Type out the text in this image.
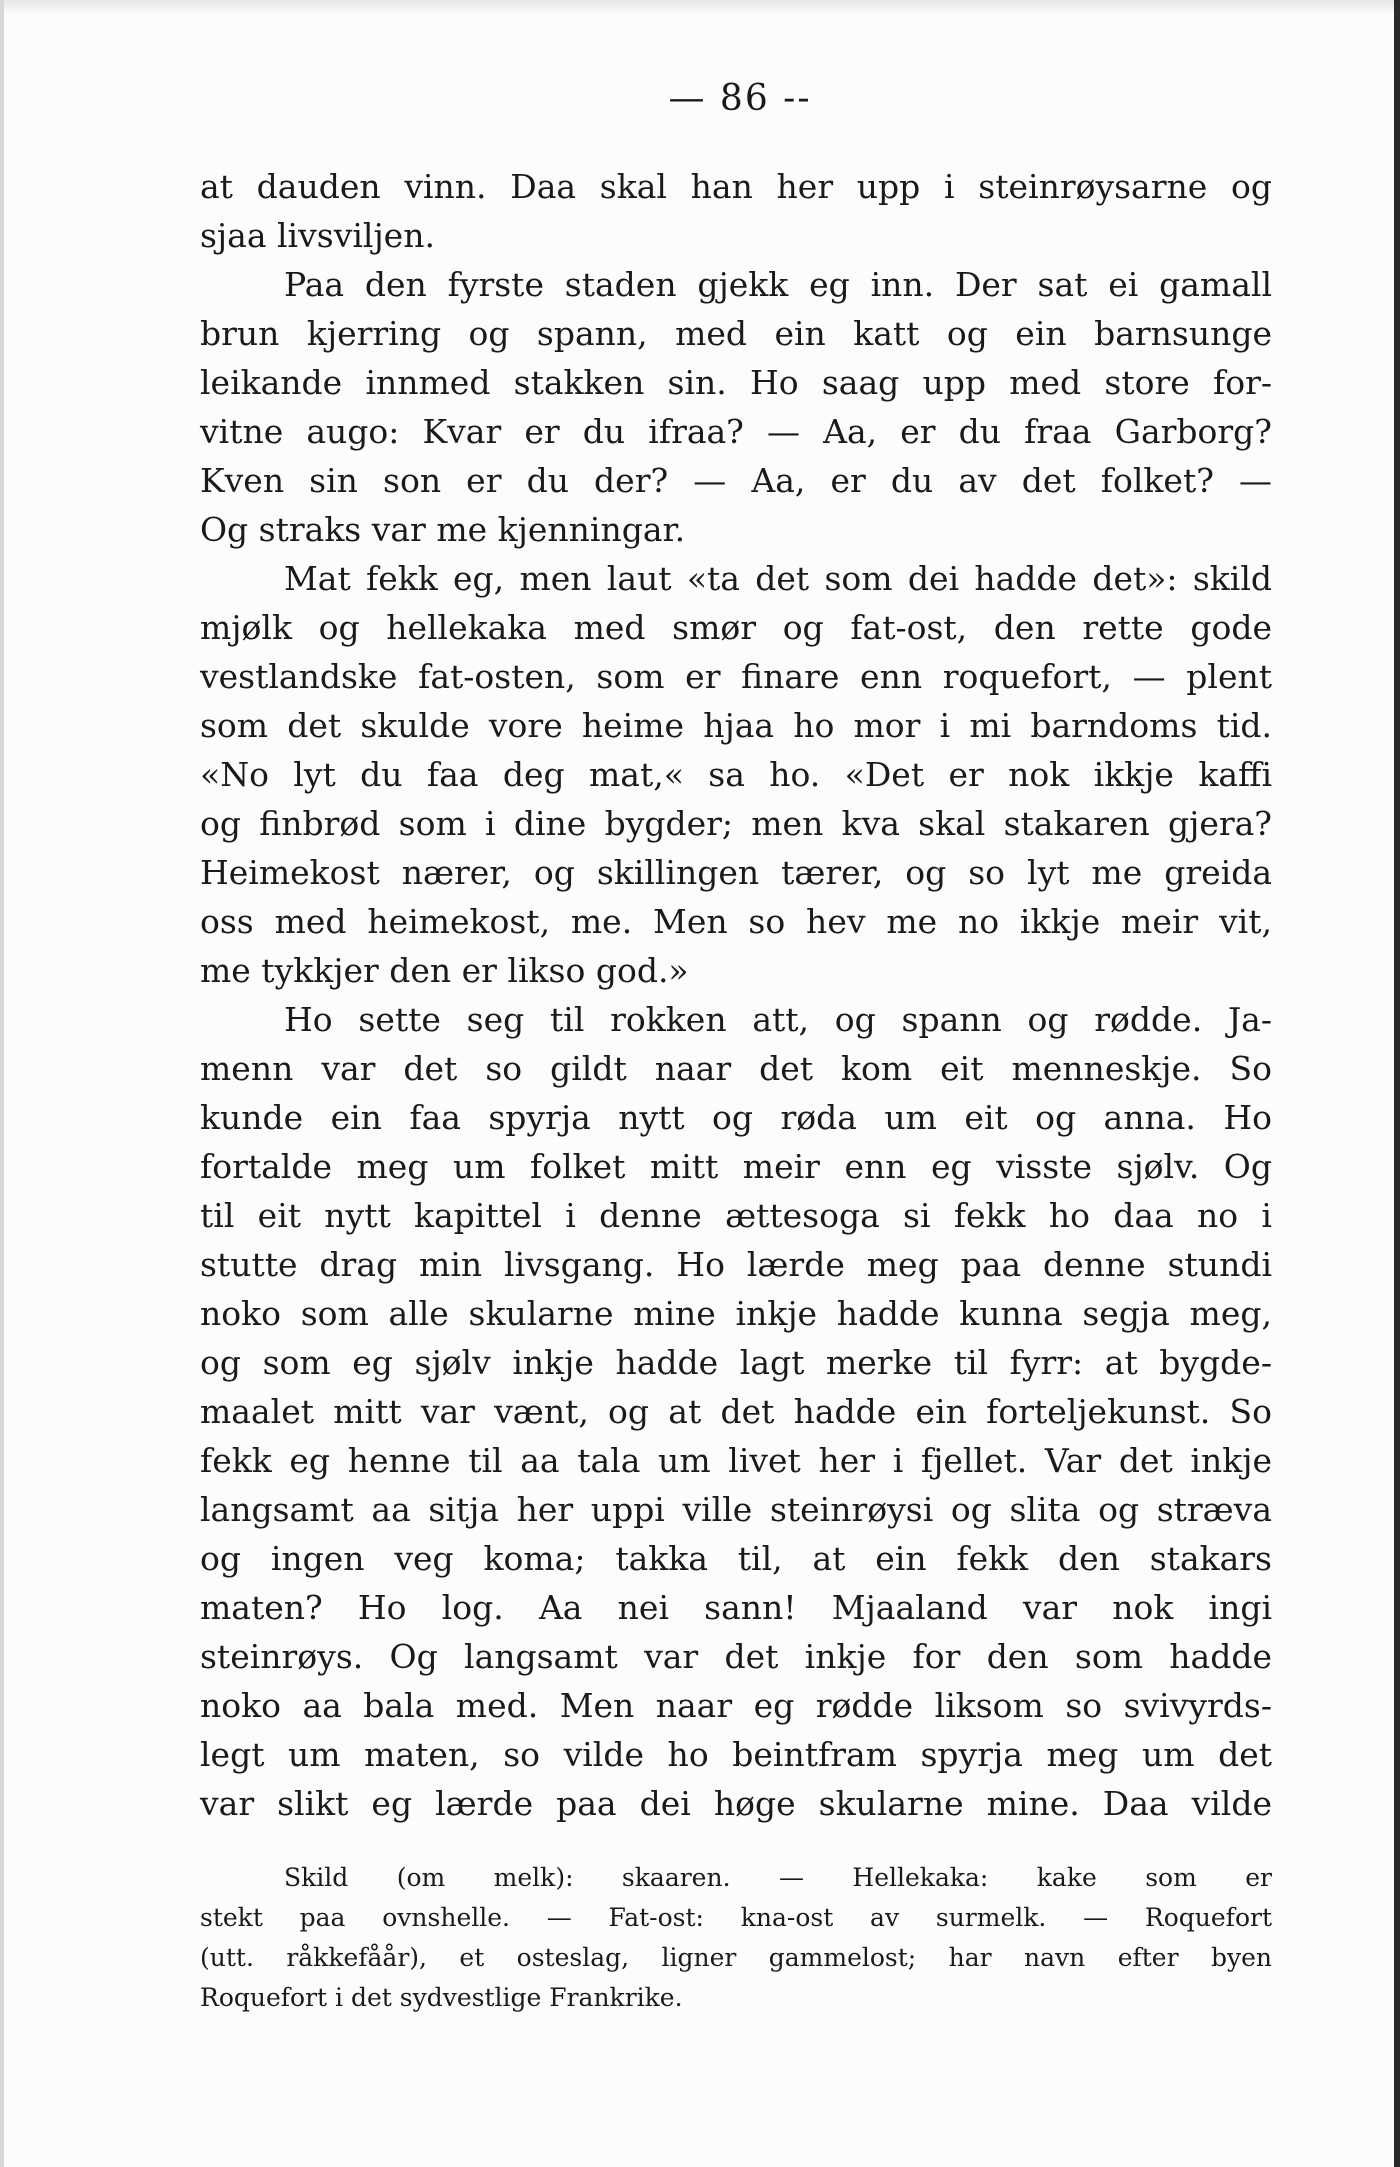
— 86 --
at dauden vinn. Daa skal han her upp i steinrøysarne og
sjaa livsviljen.
Paa den fyrste staden gjekk eg inn. Der sat ei gamall
brun kjerring og spann, med ein katt og ein barnsunge
leikande innmed stakken sin. Ho saag upp med store for-
vitne augo: Kvar er du ifraa? — Aa, er du fraa Garborg?
Kven sin son er du der? — Aa, er du av det folket? —
Og straks var me kjenningar.
Mat fekk eg, men laut «ta det som dei hadde det»: skild
mjølk og hellekaka med smør og fat-ost, den rette gode
vestlandske fat-osten, som er finare enn roquefort, — plent
som det skulde vore heime hjaa ho mor i mi barndoms tid.
«No lyt du faa deg mat,« sa ho. «Det er nok ikkje kaffi
og finbrød som i dine bygder; men kva skal stakaren gjera?
Heimekost nærer, og skillingen tærer, og so lyt me greida
oss med heimekost, me. Men so hev me no ikkje meir vit,
me tykkjer den er likso god.»
Ho sette seg til rokken att, og spann og rødde. Ja-
menn var det so gildt naar det kom eit menneskje. So
kunde ein faa spyrja nytt og røda um eit og anna. Ho
fortalde meg um folket mitt meir enn eg visste sjølv. Og
til eit nytt kapittel i denne ættesoga si fekk ho daa no i
stutte drag min livsgang. Ho lærde meg paa denne stundi
noko som alle skularne mine inkje hadde kunna segja meg,
og som eg sjølv inkje hadde lagt merke til fyrr: at bygde-
maalet mitt var vænt, og at det hadde ein forteljekunst. So
fekk eg henne til aa tala um livet her i fjellet. Var det inkje
langsamt aa sitja her uppi ville steinrøysi og slita og stræva
og ingen veg koma; takka til, at ein fekk den stakars
maten? Ho log. Aa nei sann! Mjaaland var nok ingi
steinrøys. Og langsamt var det inkje for den som hadde
noko aa bala med. Men naar eg rødde liksom so svivyrds-
legt um maten, so vilde ho beintfram spyrja meg um det
var slikt eg lærde paa dei høge skularne mine. Daa vilde
Skild (om melk): skaaren. — Hellekaka: kake som er
stekt paa ovnshelle. — Fat-ost: kna-ost av surmelk. — Roquefort
(utt. råkkefåår), et osteslag, ligner gammelost; har navn efter byen
Roquefort i det sydvestlige Frankrike.
